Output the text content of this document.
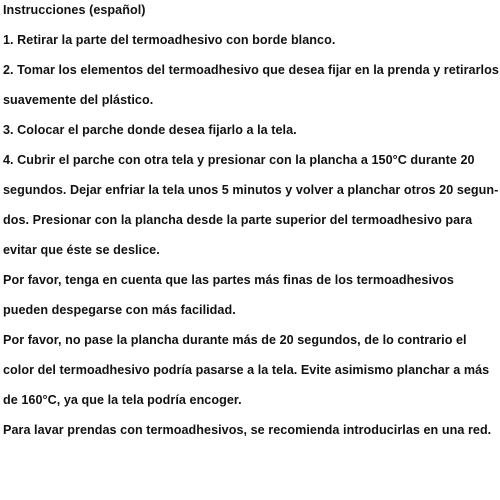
Instrucciones (español)
1. Retirar la parte del termoadhesivo con borde blanco.
2. Tomar los elementos del termoadhesivo que desea fijar en la prenda y retirarlos
suavemente del plástico.
3. Colocar el parche donde desea fijarlo a la tela.
4. Cubrir el parche con otra tela y presionar con la plancha a 150°C durante 20
segundos. Dejar enfriar la tela unos 5 minutos y volver a planchar otros 20 segun-
dos. Presionar con la plancha desde la parte superior del termoadhesivo para
evitar que éste se deslice.
Por favor, tenga en cuenta que las partes más finas de los termoadhesivos
pueden despegarse con más facilidad.
Por favor, no pase la plancha durante más de 20 segundos, de lo contrario el
color del termoadhesivo podría pasarse a la tela. Evite asimismo planchar a más
de 160°C, ya que la tela podría encoger.
Para lavar prendas con termoadhesivos, se recomienda introducirlas en una red.
